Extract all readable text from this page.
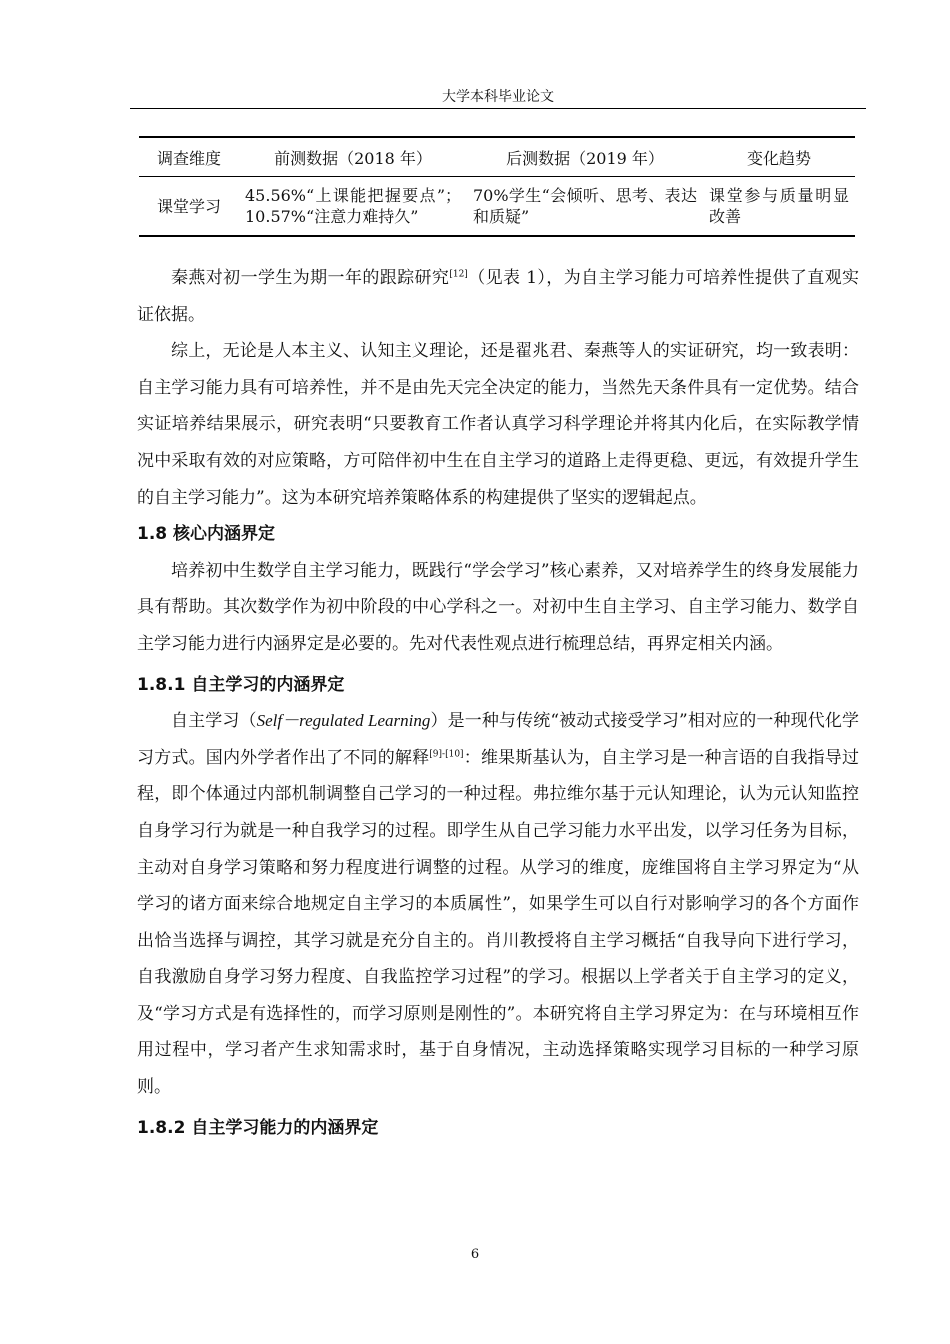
大学本科毕业论文
调查维度	前测数据（2018 年）	后测数据（2019 年）	变化趋势
课堂学习	45.56%“上课能把握要点”；10.57%“注意力难持久”	70%学生“会倾听、思考、表达和质疑”	课堂参与质量明显改善

秦燕对初一学生为期一年的跟踪研究[12]（见表 1），为自主学习能力可培养性提供了直观实证依据。

综上，无论是人本主义、认知主义理论，还是翟兆君、秦燕等人的实证研究，均一致表明：自主学习能力具有可培养性，并不是由先天完全决定的能力，当然先天条件具有一定优势。结合实证培养结果展示，研究表明“只要教育工作者认真学习科学理论并将其内化后，在实际教学情况中采取有效的对应策略，方可陪伴初中生在自主学习的道路上走得更稳、更远，有效提升学生的自主学习能力”。这为本研究培养策略体系的构建提供了坚实的逻辑起点。

1.8 核心内涵界定

培养初中生数学自主学习能力，既践行“学会学习”核心素养，又对培养学生的终身发展能力具有帮助。其次数学作为初中阶段的中心学科之一。对初中生自主学习、自主学习能力、数学自主学习能力进行内涵界定是必要的。先对代表性观点进行梳理总结，再界定相关内涵。

1.8.1 自主学习的内涵界定

自主学习（Self－regulated Learning）是一种与传统“被动式接受学习”相对应的一种现代化学习方式。国内外学者作出了不同的解释[9]-[10]：维果斯基认为，自主学习是一种言语的自我指导过程，即个体通过内部机制调整自己学习的一种过程。弗拉维尔基于元认知理论，认为元认知监控自身学习行为就是一种自我学习的过程。即学生从自己学习能力水平出发，以学习任务为目标，主动对自身学习策略和努力程度进行调整的过程。从学习的维度，庞维国将自主学习界定为“从学习的诸方面来综合地规定自主学习的本质属性”，如果学生可以自行对影响学习的各个方面作出恰当选择与调控，其学习就是充分自主的。肖川教授将自主学习概括“自我导向下进行学习，自我激励自身学习努力程度、自我监控学习过程”的学习。根据以上学者关于自主学习的定义，及“学习方式是有选择性的，而学习原则是刚性的”。本研究将自主学习界定为：在与环境相互作用过程中，学习者产生求知需求时，基于自身情况，主动选择策略实现学习目标的一种学习原则。

1.8.2 自主学习能力的内涵界定
6
